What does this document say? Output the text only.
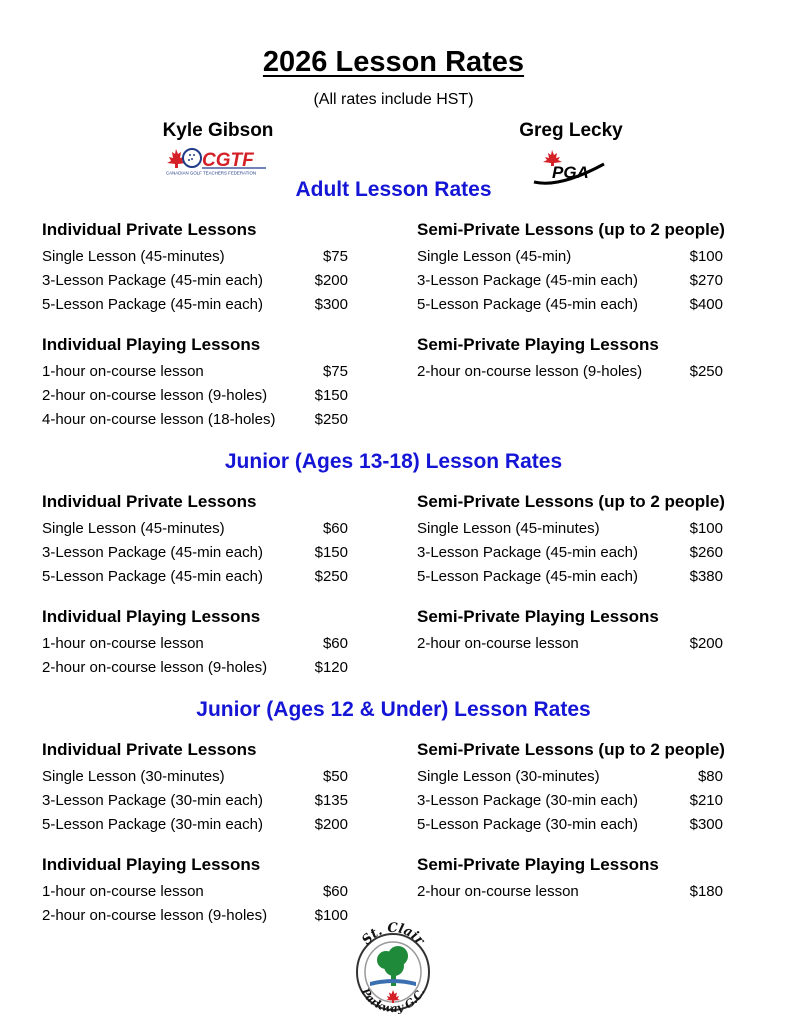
2026 Lesson Rates
(All rates include HST)
Kyle Gibson	Greg Lecky
CGTF
CANADIAN GOLF TEACHERS FEDERATION	PGA
Adult Lesson Rates
Individual Private Lessons
Single Lesson (45-minutes)	$75
3-Lesson Package (45-min each)	$200
5-Lesson Package (45-min each)	$300
Individual Playing Lessons
1-hour on-course lesson	$75
2-hour on-course lesson (9-holes)	$150
4-hour on-course lesson (18-holes)	$250
Semi-Private Lessons (up to 2 people)
Single Lesson (45-min)	$100
3-Lesson Package (45-min each)	$270
5-Lesson Package (45-min each)	$400
Semi-Private Playing Lessons
2-hour on-course lesson (9-holes)	$250
Junior (Ages 13-18) Lesson Rates
Individual Private Lessons
Single Lesson (45-minutes)	$60
3-Lesson Package (45-min each)	$150
5-Lesson Package (45-min each)	$250
Individual Playing Lessons
1-hour on-course lesson	$60
2-hour on-course lesson (9-holes)	$120
Semi-Private Lessons (up to 2 people)
Single Lesson (45-minutes)	$100
3-Lesson Package (45-min each)	$260
5-Lesson Package (45-min each)	$380
Semi-Private Playing Lessons
2-hour on-course lesson	$200
Junior (Ages 12 & Under) Lesson Rates
Individual Private Lessons
Single Lesson (30-minutes)	$50
3-Lesson Package (30-min each)	$135
5-Lesson Package (30-min each)	$200
Individual Playing Lessons
1-hour on-course lesson	$60
2-hour on-course lesson (9-holes)	$100
Semi-Private Lessons (up to 2 people)
Single Lesson (30-minutes)	$80
3-Lesson Package (30-min each)	$210
5-Lesson Package (30-min each)	$300
Semi-Private Playing Lessons
2-hour on-course lesson	$180
St. Clair
Parkway G.C.
